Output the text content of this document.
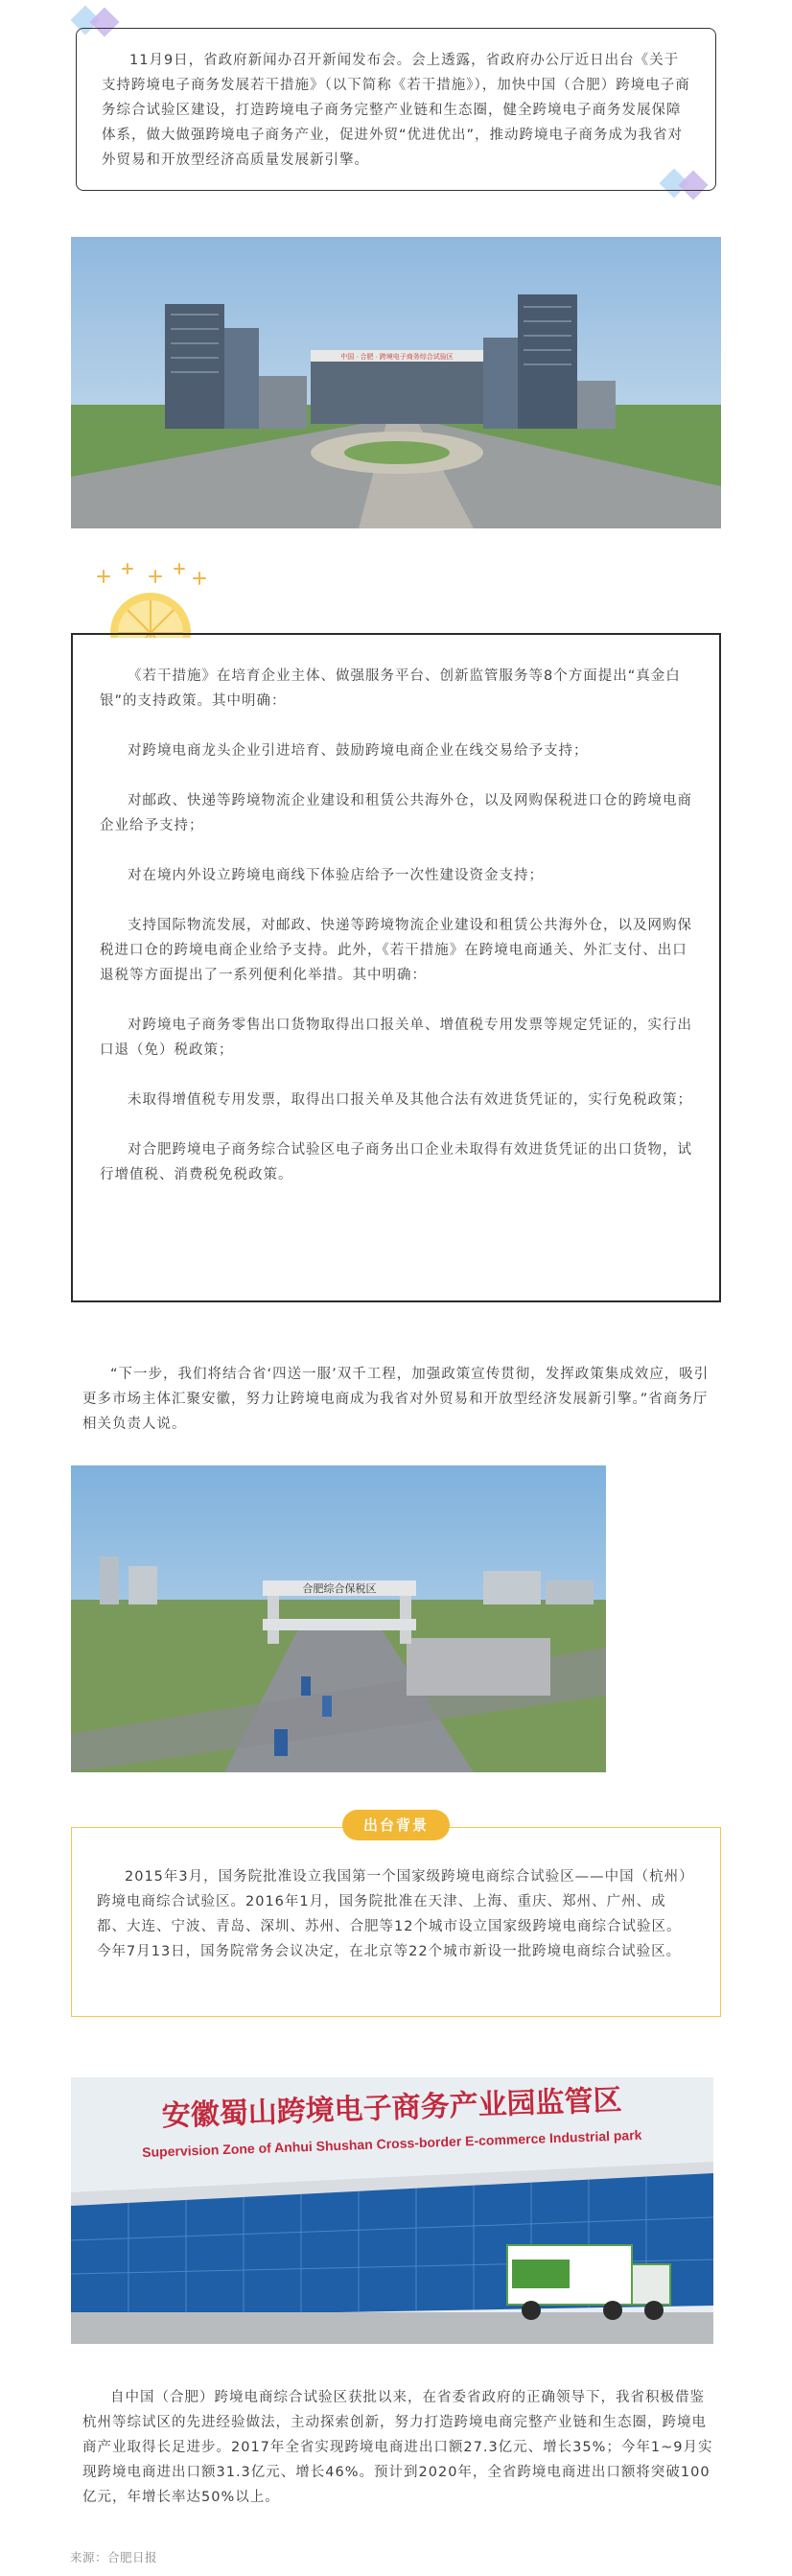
11月9日，省政府新闻办召开新闻发布会。会上透露，省政府办公厅近日出台《关于支持跨境电子商务发展若干措施》（以下简称《若干措施》），加快中国（合肥）跨境电子商务综合试验区建设，打造跨境电子商务完整产业链和生态圈，健全跨境电子商务发展保障体系，做大做强跨境电子商务产业，促进外贸“优进优出”，推动跨境电子商务成为我省对外贸易和开放型经济高质量发展新引擎。

中国 · 合肥 · 跨境电子商务综合试验区

《若干措施》在培育企业主体、做强服务平台、创新监管服务等8个方面提出“真金白银”的支持政策。其中明确：

对跨境电商龙头企业引进培育、鼓励跨境电商企业在线交易给予支持；

对邮政、快递等跨境物流企业建设和租赁公共海外仓，以及网购保税进口仓的跨境电商企业给予支持；

对在境内外设立跨境电商线下体验店给予一次性建设资金支持；

支持国际物流发展，对邮政、快递等跨境物流企业建设和租赁公共海外仓，以及网购保税进口仓的跨境电商企业给予支持。此外，《若干措施》在跨境电商通关、外汇支付、出口退税等方面提出了一系列便利化举措。其中明确：

对跨境电子商务零售出口货物取得出口报关单、增值税专用发票等规定凭证的，实行出口退（免）税政策；

未取得增值税专用发票，取得出口报关单及其他合法有效进货凭证的，实行免税政策；

对合肥跨境电子商务综合试验区电子商务出口企业未取得有效进货凭证的出口货物，试行增值税、消费税免税政策。

“下一步，我们将结合省‘四送一服’双千工程，加强政策宣传贯彻，发挥政策集成效应，吸引更多市场主体汇聚安徽，努力让跨境电商成为我省对外贸易和开放型经济发展新引擎。”省商务厅相关负责人说。

合肥综合保税区

2015年3月，国务院批准设立我国第一个国家级跨境电商综合试验区——中国（杭州）跨境电商综合试验区。2016年1月，国务院批准在天津、上海、重庆、郑州、广州、成都、大连、宁波、青岛、深圳、苏州、合肥等12个城市设立国家级跨境电商综合试验区。今年7月13日，国务院常务会议决定，在北京等22个城市新设一批跨境电商综合试验区。

出台背景
安徽蜀山跨境电子商务产业园监管区
Supervision Zone of Anhui Shushan Cross-border E-commerce Industrial park

自中国（合肥）跨境电商综合试验区获批以来，在省委省政府的正确领导下，我省积极借鉴杭州等综试区的先进经验做法，主动探索创新，努力打造跨境电商完整产业链和生态圈，跨境电商产业取得长足进步。2017年全省实现跨境电商进出口额27.3亿元、增长35%；今年1~9月实现跨境电商进出口额31.3亿元、增长46%。预计到2020年，全省跨境电商进出口额将突破100亿元，年增长率达50%以上。

来源：合肥日报
